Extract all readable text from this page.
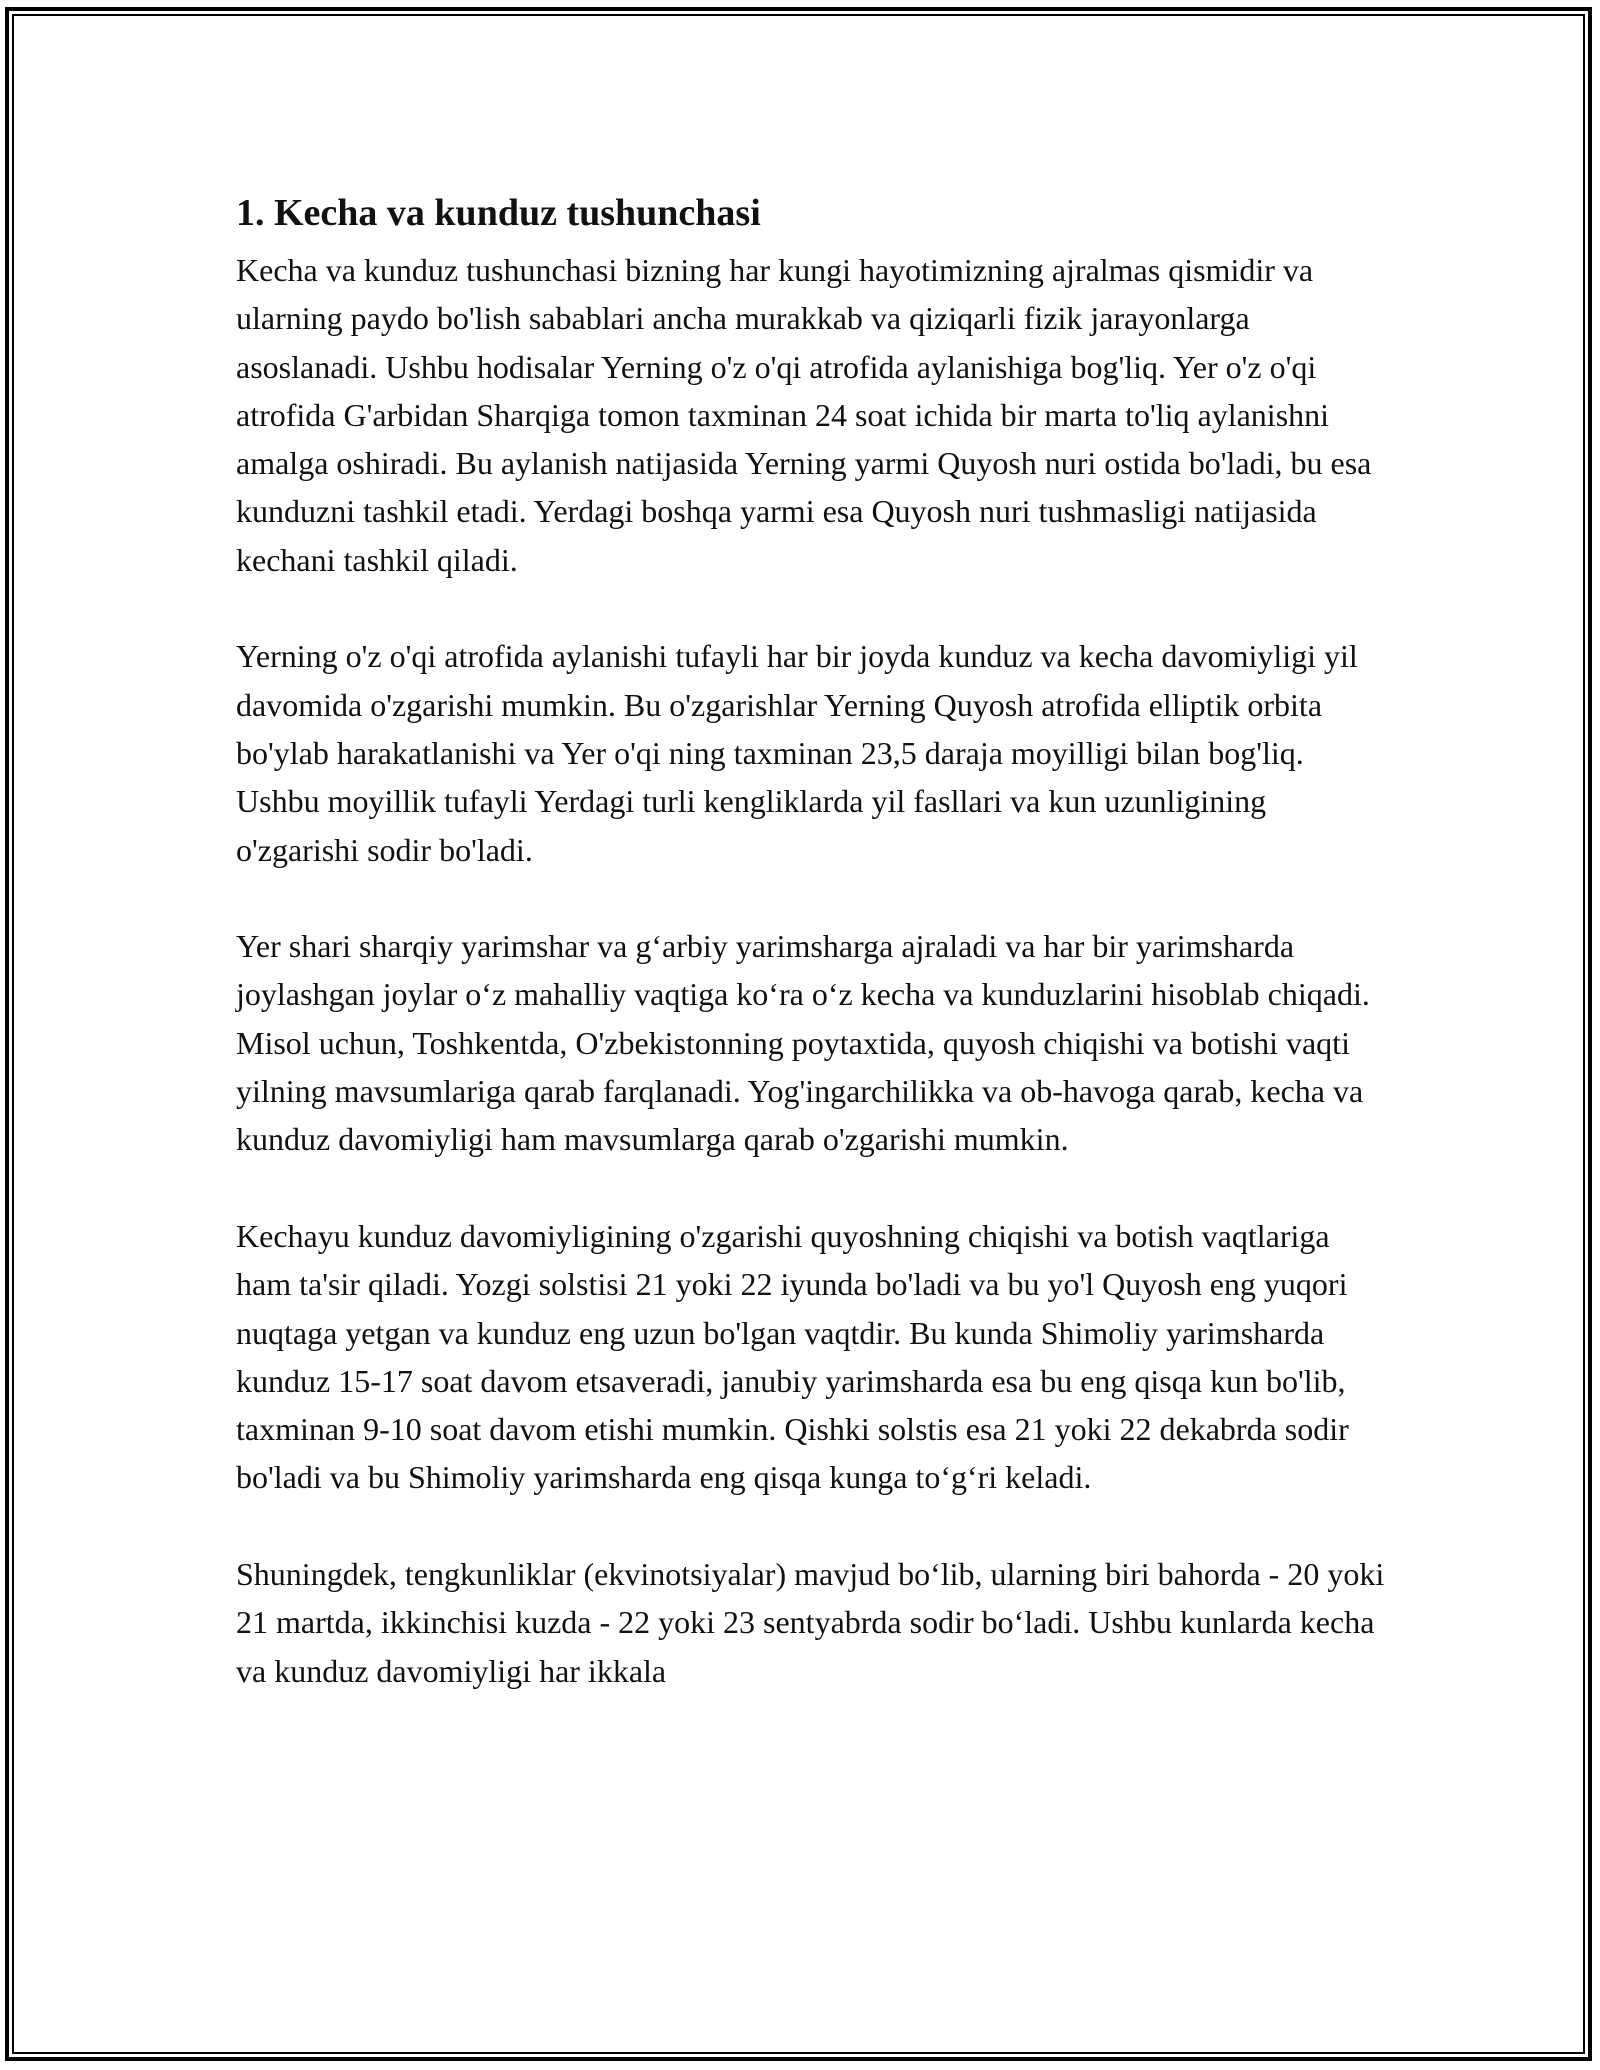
1. Kecha va kunduz tushunchasi

Kecha va kunduz tushunchasi bizning har kungi hayotimizning ajralmas qismidir va ularning paydo bo'lish sabablari ancha murakkab va qiziqarli fizik jarayonlarga asoslanadi. Ushbu hodisalar Yerning o'z o'qi atrofida aylanishiga bog'liq. Yer o'z o'qi atrofida G'arbidan Sharqiga tomon taxminan 24 soat ichida bir marta to'liq aylanishni amalga oshiradi. Bu aylanish natijasida Yerning yarmi Quyosh nuri ostida bo'ladi, bu esa kunduzni tashkil etadi. Yerdagi boshqa yarmi esa Quyosh nuri tushmasligi natijasida kechani tashkil qiladi.

Yerning o'z o'qi atrofida aylanishi tufayli har bir joyda kunduz va kecha davomiyligi yil davomida o'zgarishi mumkin. Bu o'zgarishlar Yerning Quyosh atrofida elliptik orbita bo'ylab harakatlanishi va Yer o'qi ning taxminan 23,5 daraja moyilligi bilan bog'liq. Ushbu moyillik tufayli Yerdagi turli kengliklarda yil fasllari va kun uzunligining o'zgarishi sodir bo'ladi.

Yer shari sharqiy yarimshar va g‘arbiy yarimsharga ajraladi va har bir yarimsharda joylashgan joylar o‘z mahalliy vaqtiga ko‘ra o‘z kecha va kunduzlarini hisoblab chiqadi. Misol uchun, Toshkentda, O'zbekistonning poytaxtida, quyosh chiqishi va botishi vaqti yilning mavsumlariga qarab farqlanadi. Yog'ingarchilikka va ob-havoga qarab, kecha va kunduz davomiyligi ham mavsumlarga qarab o'zgarishi mumkin.

Kechayu kunduz davomiyligining o'zgarishi quyoshning chiqishi va botish vaqtlariga ham ta'sir qiladi. Yozgi solstisi 21 yoki 22 iyunda bo'ladi va bu yo'l Quyosh eng yuqori nuqtaga yetgan va kunduz eng uzun bo'lgan vaqtdir. Bu kunda Shimoliy yarimsharda kunduz 15-17 soat davom etsaveradi, janubiy yarimsharda esa bu eng qisqa kun bo'lib, taxminan 9-10 soat davom etishi mumkin. Qishki solstis esa 21 yoki 22 dekabrda sodir bo'ladi va bu Shimoliy yarimsharda eng qisqa kunga to‘g‘ri keladi.

Shuningdek, tengkunliklar (ekvinotsiyalar) mavjud bo‘lib, ularning biri bahorda - 20 yoki 21 martda, ikkinchisi kuzda - 22 yoki 23 sentyabrda sodir bo‘ladi. Ushbu kunlarda kecha va kunduz davomiyligi har ikkala
